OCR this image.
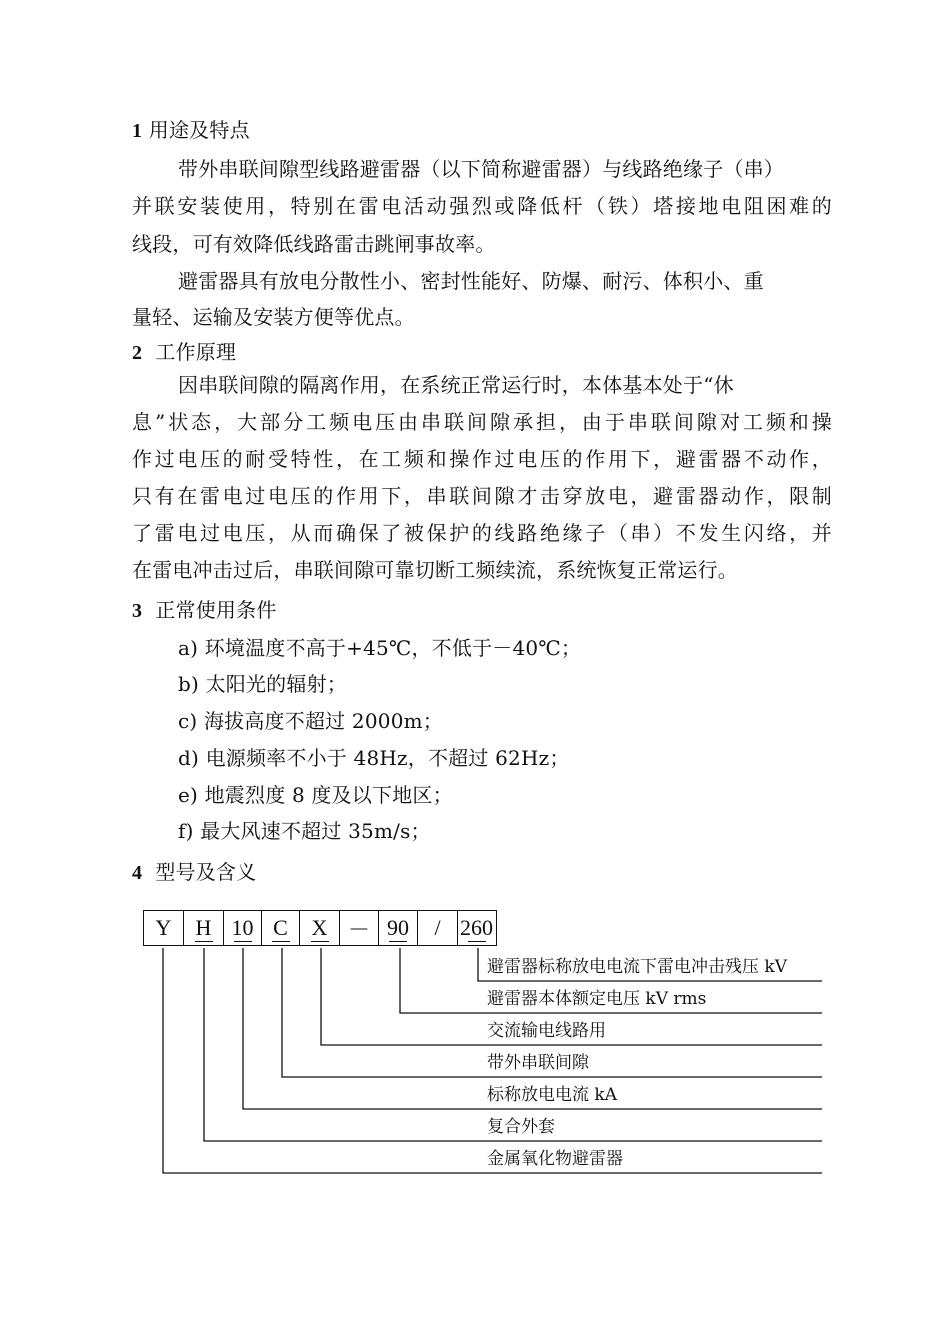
1 用途及特点
带外串联间隙型线路避雷器（以下简称避雷器）与线路绝缘子（串）
并联安装使用，特别在雷电活动强烈或降低杆（铁）塔接地电阻困难的
线段，可有效降低线路雷击跳闸事故率。
避雷器具有放电分散性小、密封性能好、防爆、耐污、体积小、重
量轻、运输及安装方便等优点。
2 工作原理
因串联间隙的隔离作用，在系统正常运行时，本体基本处于“休
息”状态，大部分工频电压由串联间隙承担，由于串联间隙对工频和操
作过电压的耐受特性，在工频和操作过电压的作用下，避雷器不动作，
只有在雷电过电压的作用下，串联间隙才击穿放电，避雷器动作，限制
了雷电过电压，从而确保了被保护的线路绝缘子（串）不发生闪络，并
在雷电冲击过后，串联间隙可靠切断工频续流，系统恢复正常运行。
3 正常使用条件
a) 环境温度不高于+45℃，不低于－40℃；
b) 太阳光的辐射；
c) 海拔高度不超过 2000m；
d) 电源频率不小于 48Hz，不超过 62Hz；
e) 地震烈度 8 度及以下地区；
f) 最大风速不超过 35m/s；
4 型号及含义
Y H 10 C X － 90 / 260
避雷器标称放电电流下雷电冲击残压 kV
避雷器本体额定电压 kV rms
交流输电线路用
带外串联间隙
标称放电电流 kA
复合外套
金属氧化物避雷器
